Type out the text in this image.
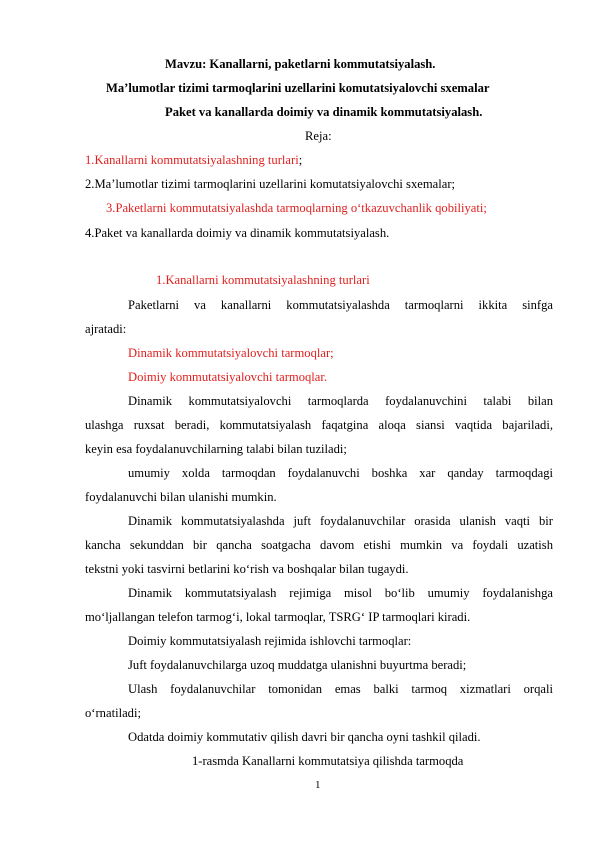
Mavzu: Kanallarni, paketlarni kommutatsiyalash.
Ma’lumotlar tizimi tarmoqlarini uzellarini komutatsiyalovchi sxemalar
Paket va kanallarda doimiy va dinamik kommutatsiyalash.
Reja:
1.Kanallarni kommutatsiyalashning turlari;
2.Ma’lumotlar tizimi tarmoqlarini uzellarini komutatsiyalovchi sxemalar;
3.Paketlarni kommutatsiyalashda tarmoqlarning o‘tkazuvchanlik qobiliyati;
4.Paket va kanallarda doimiy va dinamik kommutatsiyalash.
1.Kanallarni kommutatsiyalashning turlari
Paketlarni va kanallarni kommutatsiyalashda tarmoqlarni ikkita sinfga
ajratadi:
Dinamik kommutatsiyalovchi tarmoqlar;
Doimiy kommutatsiyalovchi tarmoqlar.
Dinamik kommutatsiyalovchi tarmoqlarda foydalanuvchini talabi bilan
ulashga ruxsat beradi, kommutatsiyalash faqatgina aloqa siansi vaqtida bajariladi,
keyin esa foydalanuvchilarning talabi bilan tuziladi;
umumiy xolda tarmoqdan foydalanuvchi boshka xar qanday tarmoqdagi
foydalanuvchi bilan ulanishi mumkin.
Dinamik kommutatsiyalashda juft foydalanuvchilar orasida ulanish vaqti bir
kancha sekunddan bir qancha soatgacha davom etishi mumkin va foydali uzatish
tekstni yoki tasvirni betlarini ko‘rish va boshqalar bilan tugaydi.
Dinamik kommutatsiyalash rejimiga misol bo‘lib umumiy foydalanishga
mo‘ljallangan telefon tarmog‘i, lokal tarmoqlar, TSRG‘ IP tarmoqlari kiradi.
Doimiy kommutatsiyalash rejimida ishlovchi tarmoqlar:
Juft foydalanuvchilarga uzoq muddatga ulanishni buyurtma beradi;
Ulash foydalanuvchilar tomonidan emas balki tarmoq xizmatlari orqali
o‘rnatiladi;
Odatda doimiy kommutativ qilish davri bir qancha oyni tashkil qiladi.
1-rasmda Kanallarni kommutatsiya qilishda tarmoqda
1
